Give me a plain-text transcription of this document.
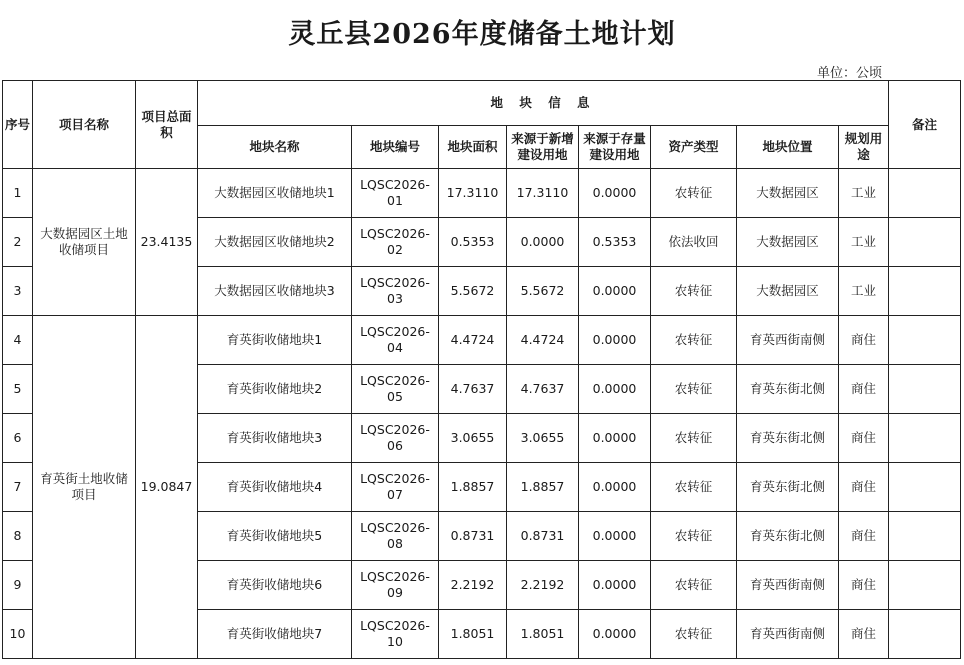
灵丘县2026年度储备土地计划
单位：公顷
序号	项目名称	项目总面积	地 块 信 息								备注
			地块名称	地块编号	地块面积	来源于新增建设用地	来源于存量建设用地	资产类型	地块位置	规划用途	
1	大数据园区土地收储项目	23.4135	大数据园区收储地块1	LQSC2026-01	17.3110	17.3110	0.0000	农转征	大数据园区	工业	
2			大数据园区收储地块2	LQSC2026-02	0.5353	0.0000	0.5353	依法收回	大数据园区	工业	
3			大数据园区收储地块3	LQSC2026-03	5.5672	5.5672	0.0000	农转征	大数据园区	工业	
4	育英街土地收储项目	19.0847	育英街收储地块1	LQSC2026-04	4.4724	4.4724	0.0000	农转征	育英西街南侧	商住	
5			育英街收储地块2	LQSC2026-05	4.7637	4.7637	0.0000	农转征	育英东街北侧	商住	
6			育英街收储地块3	LQSC2026-06	3.0655	3.0655	0.0000	农转征	育英东街北侧	商住	
7			育英街收储地块4	LQSC2026-07	1.8857	1.8857	0.0000	农转征	育英东街北侧	商住	
8			育英街收储地块5	LQSC2026-08	0.8731	0.8731	0.0000	农转征	育英东街北侧	商住	
9			育英街收储地块6	LQSC2026-09	2.2192	2.2192	0.0000	农转征	育英西街南侧	商住	
10			育英街收储地块7	LQSC2026-10	1.8051	1.8051	0.0000	农转征	育英西街南侧	商住	
